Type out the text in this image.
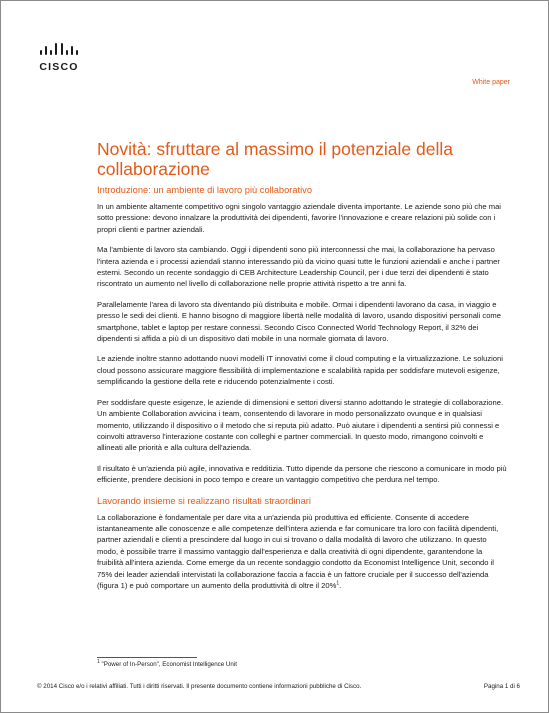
CISCO
White paper
Novità: sfruttare al massimo il potenziale della collaborazione
Introduzione: un ambiente di lavoro più collaborativo

In un ambiente altamente competitivo ogni singolo vantaggio aziendale diventa importante. Le aziende sono più che mai sotto pressione: devono innalzare la produttività dei dipendenti, favorire l'innovazione e creare relazioni più solide con i propri clienti e partner aziendali.

Ma l'ambiente di lavoro sta cambiando. Oggi i dipendenti sono più interconnessi che mai, la collaborazione ha pervaso l'intera azienda e i processi aziendali stanno interessando più da vicino quasi tutte le funzioni aziendali e anche i partner esterni. Secondo un recente sondaggio di CEB Architecture Leadership Council, per i due terzi dei dipendenti è stato riscontrato un aumento nel livello di collaborazione nelle proprie attività rispetto a tre anni fa.

Parallelamente l'area di lavoro sta diventando più distribuita e mobile. Ormai i dipendenti lavorano da casa, in viaggio e presso le sedi dei clienti. E hanno bisogno di maggiore libertà nelle modalità di lavoro, usando dispositivi personali come smartphone, tablet e laptop per restare connessi. Secondo Cisco Connected World Technology Report, il 32% dei dipendenti si affida a più di un dispositivo dati mobile in una normale giornata di lavoro.

Le aziende inoltre stanno adottando nuovi modelli IT innovativi come il cloud computing e la virtualizzazione. Le soluzioni cloud possono assicurare maggiore flessibilità di implementazione e scalabilità rapida per soddisfare mutevoli esigenze, semplificando la gestione della rete e riducendo potenzialmente i costi.

Per soddisfare queste esigenze, le aziende di dimensioni e settori diversi stanno adottando le strategie di collaborazione. Un ambiente Collaboration avvicina i team, consentendo di lavorare in modo personalizzato ovunque e in qualsiasi momento, utilizzando il dispositivo o il metodo che si reputa più adatto. Può aiutare i dipendenti a sentirsi più connessi e coinvolti attraverso l'interazione costante con colleghi e partner commerciali. In questo modo, rimangono coinvolti e allineati alle priorità e alla cultura dell'azienda.

Il risultato è un'azienda più agile, innovativa e redditizia. Tutto dipende da persone che riescono a comunicare in modo più efficiente, prendere decisioni in poco tempo e creare un vantaggio competitivo che perdura nel tempo.

Lavorando insieme si realizzano risultati straordinari

La collaborazione è fondamentale per dare vita a un'azienda più produttiva ed efficiente. Consente di accedere istantaneamente alle conoscenze e alle competenze dell'intera azienda e far comunicare tra loro con facilità dipendenti, partner aziendali e clienti a prescindere dal luogo in cui si trovano o dalla modalità di lavoro che utilizzano. In questo modo, è possibile trarre il massimo vantaggio dall'esperienza e dalla creatività di ogni dipendente, garantendone la fruibilità all'intera azienda. Come emerge da un recente sondaggio condotto da Economist Intelligence Unit, secondo il 75% dei leader aziendali intervistati la collaborazione faccia a faccia è un fattore cruciale per il successo dell'azienda (figura 1) e può comportare un aumento della produttività di oltre il 20%$^1$.

$^1$ "Power of In-Person", Economist Intelligence Unit
© 2014 Cisco e/o i relativi affiliati. Tutti i diritti riservati. Il presente documento contiene informazioni pubbliche di Cisco.	Pagina 1 di 6
